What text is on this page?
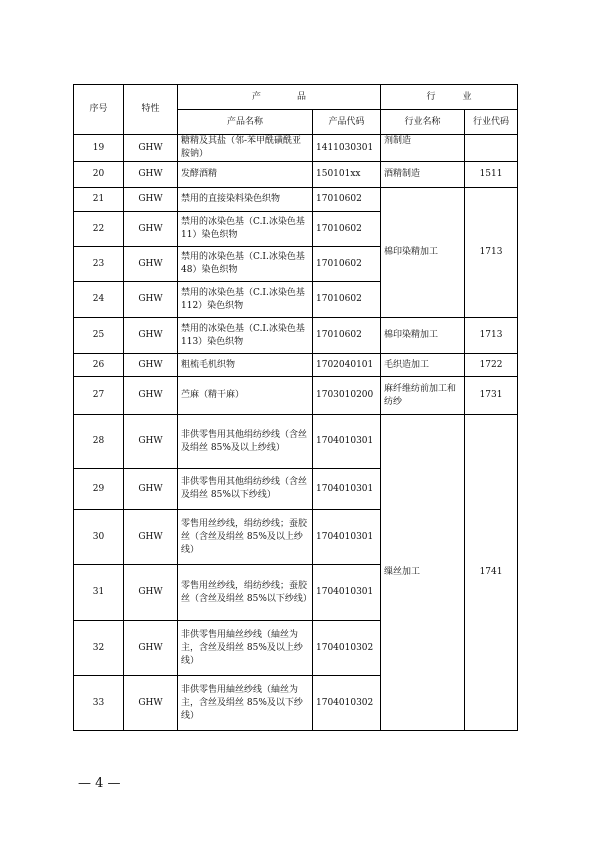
序号	特性	产　　　　品		行　　　业	
		产品名称	产品代码	行业名称	行业代码
19	GHW	糖精及其盐（邻-苯甲酰磺酰亚胺钠）	1411030301	剂制造	
20	GHW	发酵酒精	150101xx	酒精制造	1511
21	GHW	禁用的直接染料染色织物	17010602	棉印染精加工	1713
22	GHW	禁用的冰染色基（C.I.冰染色基 11）染色织物	17010602		
23	GHW	禁用的冰染色基（C.I.冰染色基 48）染色织物	17010602		
24	GHW	禁用的冰染色基（C.I.冰染色基 112）染色织物	17010602		
25	GHW	禁用的冰染色基（C.I.冰染色基 113）染色织物	17010602	棉印染精加工	1713
26	GHW	粗梳毛机织物	1702040101	毛织造加工	1722
27	GHW	苎麻（精干麻）	1703010200	麻纤维纺前加工和纺纱	1731
28	GHW	非供零售用其他绢纺纱线（含丝及绢丝 85%及以上纱线）	1704010301	缫丝加工	1741
29	GHW	非供零售用其他绢纺纱线（含丝及绢丝 85%以下纱线）	1704010301		
30	GHW	零售用丝纱线，绢纺纱线；蚕胶丝（含丝及绢丝 85%及以上纱线）	1704010301		
31	GHW	零售用丝纱线，绢纺纱线；蚕胶丝（含丝及绢丝 85%以下纱线）	1704010301		
32	GHW	非供零售用紬丝纱线（紬丝为主，含丝及绢丝 85%及以上纱线）	1704010302		
33	GHW	非供零售用紬丝纱线（紬丝为主，含丝及绢丝 85%及以下纱线）	1704010302		
— 4 —
